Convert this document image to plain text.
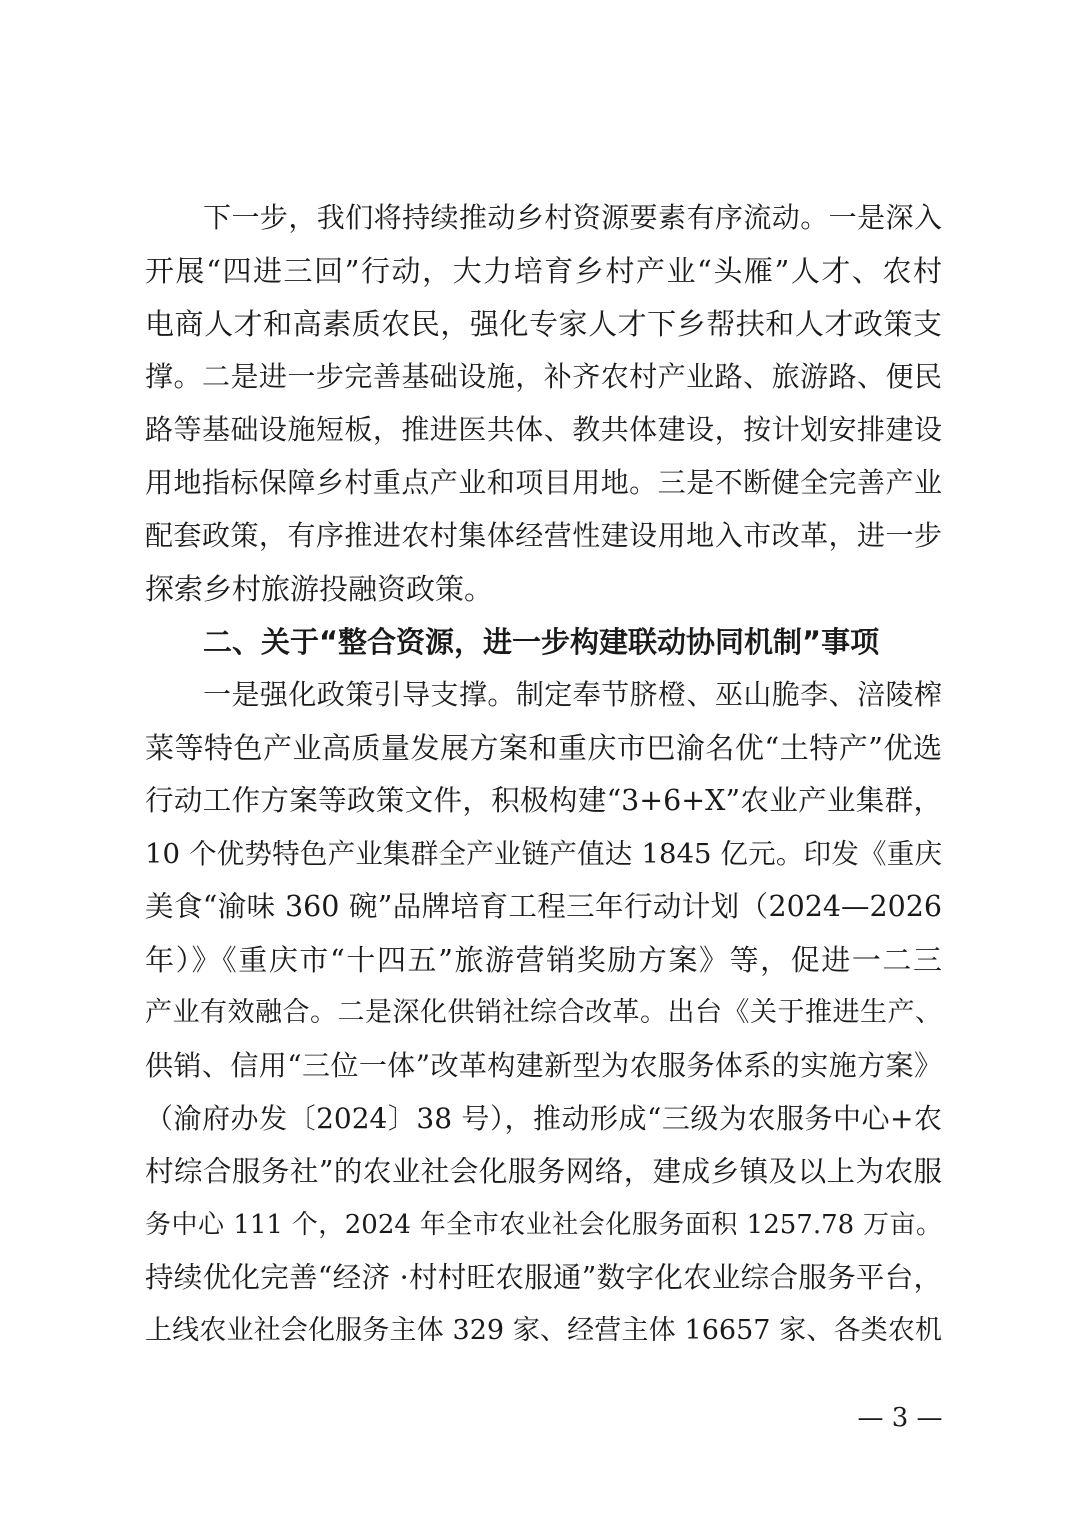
下一步，我们将持续推动乡村资源要素有序流动。一是深入
开展“四进三回”行动，大力培育乡村产业“头雁”人才、农村
电商人才和高素质农民，强化专家人才下乡帮扶和人才政策支
撑。二是进一步完善基础设施，补齐农村产业路、旅游路、便民
路等基础设施短板，推进医共体、教共体建设，按计划安排建设
用地指标保障乡村重点产业和项目用地。三是不断健全完善产业
配套政策，有序推进农村集体经营性建设用地入市改革，进一步
探索乡村旅游投融资政策。
二、关于“整合资源，进一步构建联动协同机制”事项
一是强化政策引导支撑。制定奉节脐橙、巫山脆李、涪陵榨
菜等特色产业高质量发展方案和重庆市巴渝名优“土特产”优选
行动工作方案等政策文件，积极构建“3+6+X”农业产业集群，
10 个优势特色产业集群全产业链产值达 1845 亿元。印发《重庆
美食“渝味 360 碗”品牌培育工程三年行动计划（2024—2026
年）》《重庆市“十四五”旅游营销奖励方案》等，促进一二三
产业有效融合。二是深化供销社综合改革。出台《关于推进生产、
供销、信用“三位一体”改革构建新型为农服务体系的实施方案》
（渝府办发〔2024〕38 号），推动形成“三级为农服务中心+农
村综合服务社”的农业社会化服务网络，建成乡镇及以上为农服
务中心 111 个，2024 年全市农业社会化服务面积 1257.78 万亩。
持续优化完善“经济 ·村村旺农服通”数字化农业综合服务平台，
上线农业社会化服务主体 329 家、经营主体 16657 家、各类农机
— 3 —
